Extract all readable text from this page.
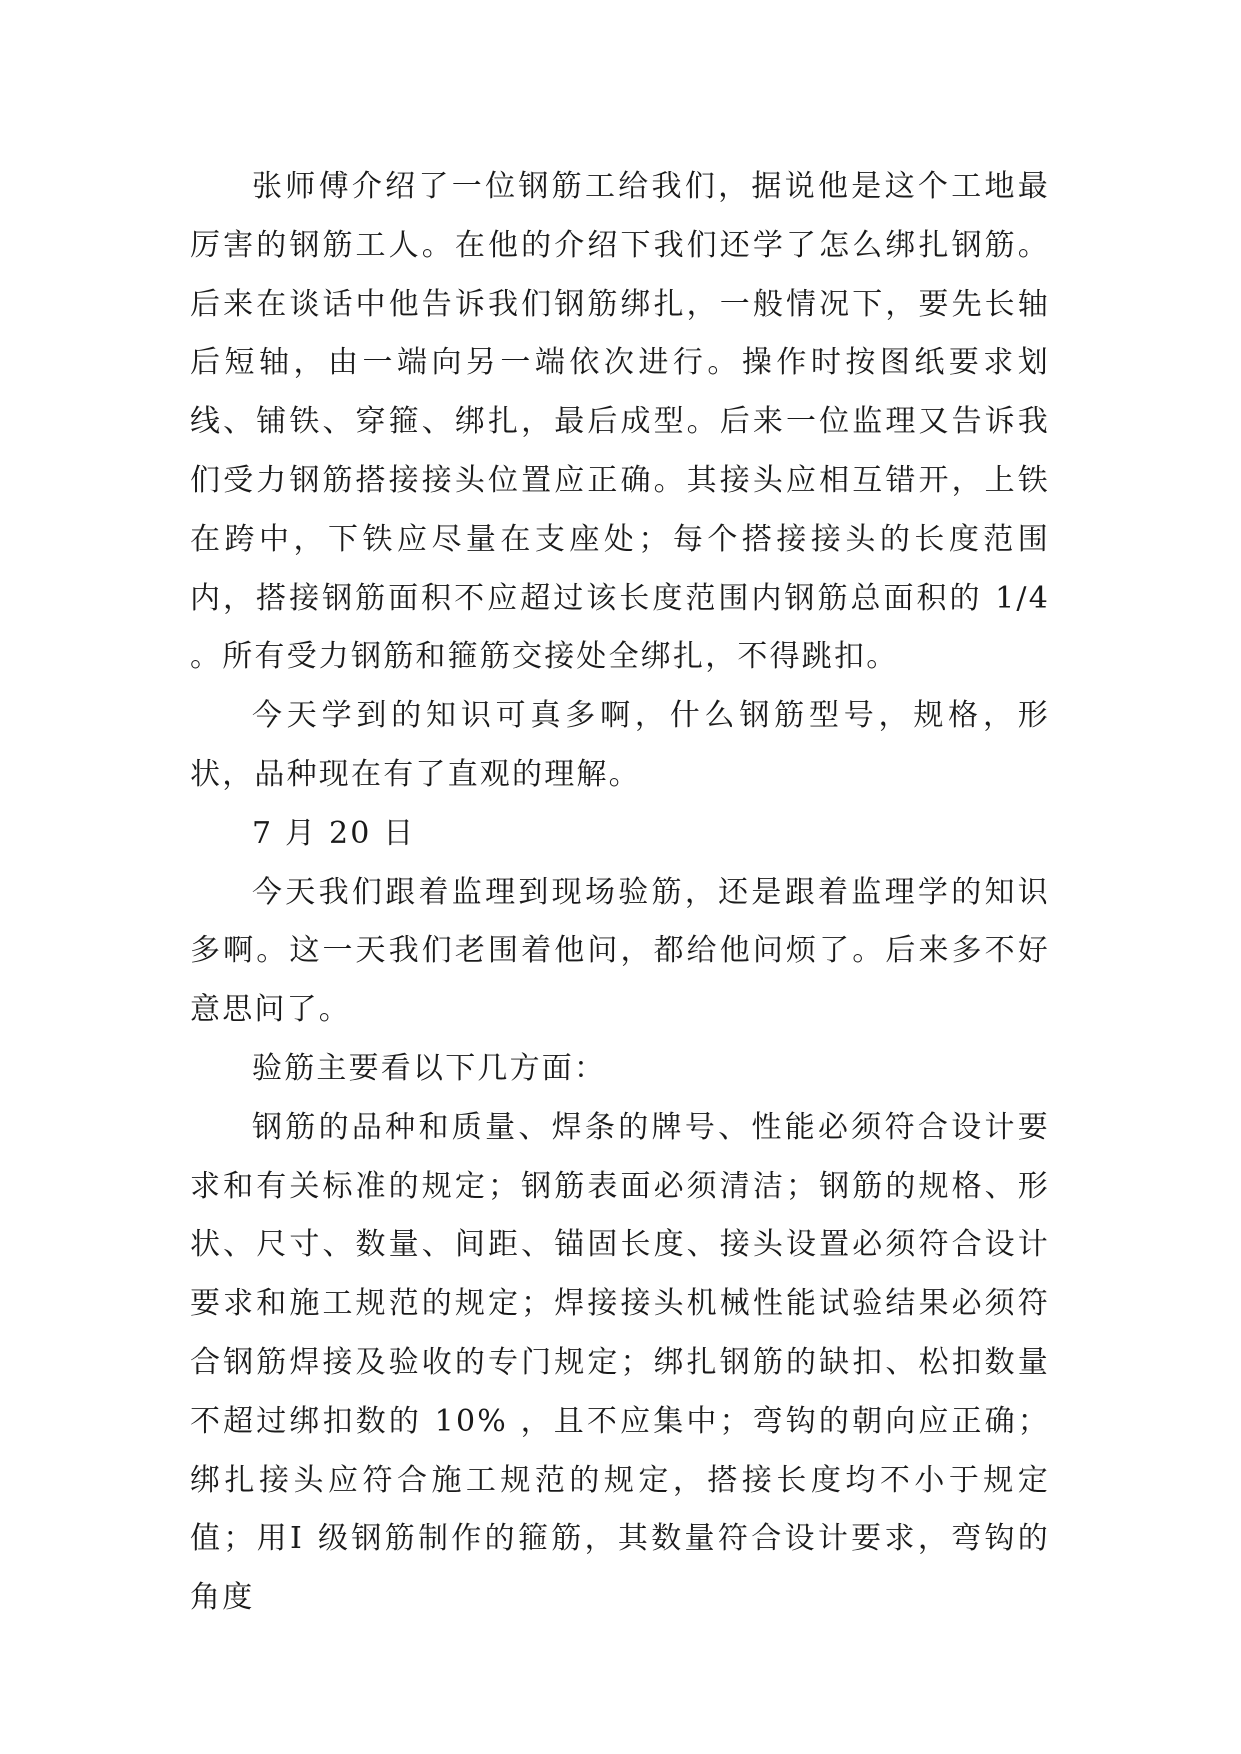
张师傅介绍了一位钢筋工给我们，据说他是这个工地最厉害的钢筋工人。在他的介绍下我们还学了怎么绑扎钢筋。后来在谈话中他告诉我们钢筋绑扎，一般情况下，要先长轴后短轴，由一端向另一端依次进行。操作时按图纸要求划线、铺铁、穿箍、绑扎，最后成型。后来一位监理又告诉我们受力钢筋搭接接头位置应正确。其接头应相互错开，上铁在跨中，下铁应尽量在支座处；每个搭接接头的长度范围内，搭接钢筋面积不应超过该长度范围内钢筋总面积的 1/4 。所有受力钢筋和箍筋交接处全绑扎，不得跳扣。

今天学到的知识可真多啊，什么钢筋型号，规格，形状，品种现在有了直观的理解。

7 月 20 日

今天我们跟着监理到现场验筋，还是跟着监理学的知识多啊。这一天我们老围着他问，都给他问烦了。后来多不好意思问了。

验筋主要看以下几方面：

钢筋的品种和质量、焊条的牌号、性能必须符合设计要求和有关标准的规定；钢筋表面必须清洁；钢筋的规格、形状、尺寸、数量、间距、锚固长度、接头设置必须符合设计要求和施工规范的规定；焊接接头机械性能试验结果必须符合钢筋焊接及验收的专门规定；绑扎钢筋的缺扣、松扣数量不超过绑扣数的 10% ，且不应集中；弯钩的朝向应正确；绑扎接头应符合施工规范的规定，搭接长度均不小于规定值；用Ⅰ 级钢筋制作的箍筋，其数量符合设计要求，弯钩的角度
